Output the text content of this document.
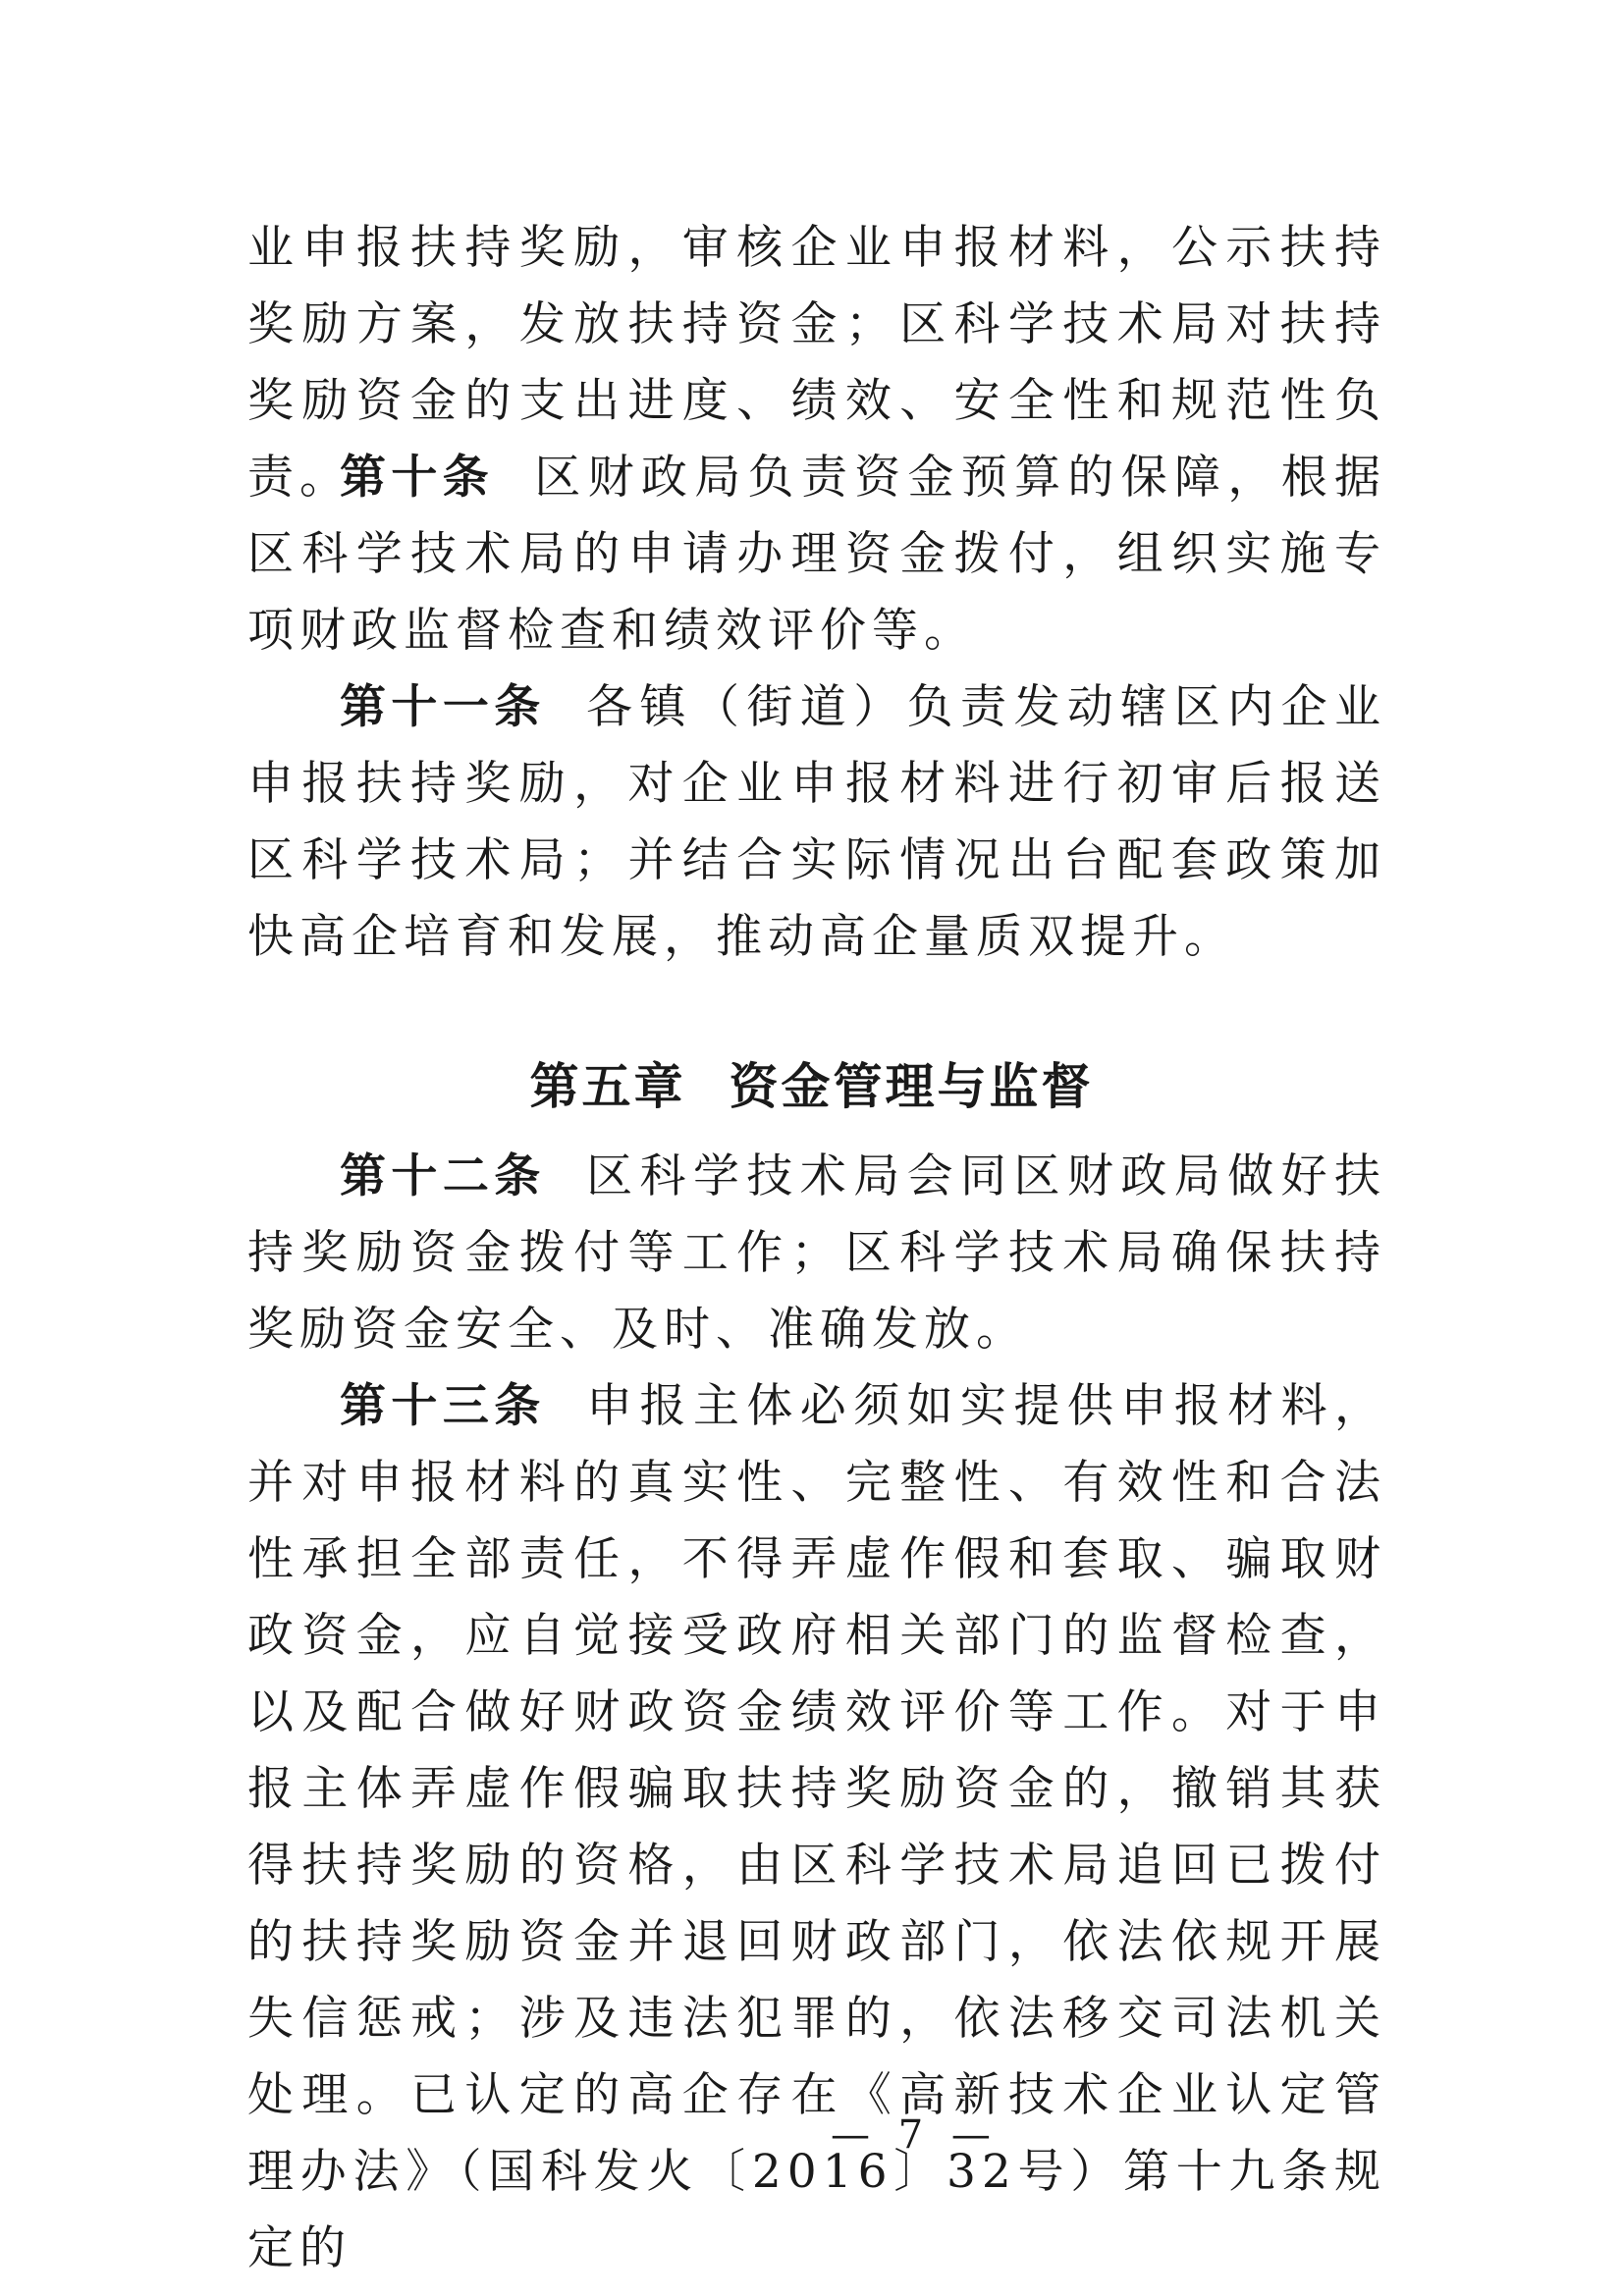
业申报扶持奖励，审核企业申报材料，公示扶持奖励方案，发放扶持资金；区科学技术局对扶持奖励资金的支出进度、绩效、安全性和规范性负责。

第十条 区财政局负责资金预算的保障，根据区科学技术局的申请办理资金拨付，组织实施专项财政监督检查和绩效评价等。

第十一条 各镇（街道）负责发动辖区内企业申报扶持奖励，对企业申报材料进行初审后报送区科学技术局；并结合实际情况出台配套政策加快高企培育和发展，推动高企量质双提升。

第五章 资金管理与监督

第十二条 区科学技术局会同区财政局做好扶持奖励资金拨付等工作；区科学技术局确保扶持奖励资金安全、及时、准确发放。

第十三条 申报主体必须如实提供申报材料，并对申报材料的真实性、完整性、有效性和合法性承担全部责任，不得弄虚作假和套取、骗取财政资金，应自觉接受政府相关部门的监督检查，以及配合做好财政资金绩效评价等工作。对于申报主体弄虚作假骗取扶持奖励资金的，撤销其获得扶持奖励的资格，由区科学技术局追回已拨付的扶持奖励资金并退回财政部门，依法依规开展失信惩戒；涉及违法犯罪的，依法移交司法机关处理。已认定的高企存在《高新技术企业认定管理办法》（国科发火〔2016〕32号）第十九条规定的

— 7 —
